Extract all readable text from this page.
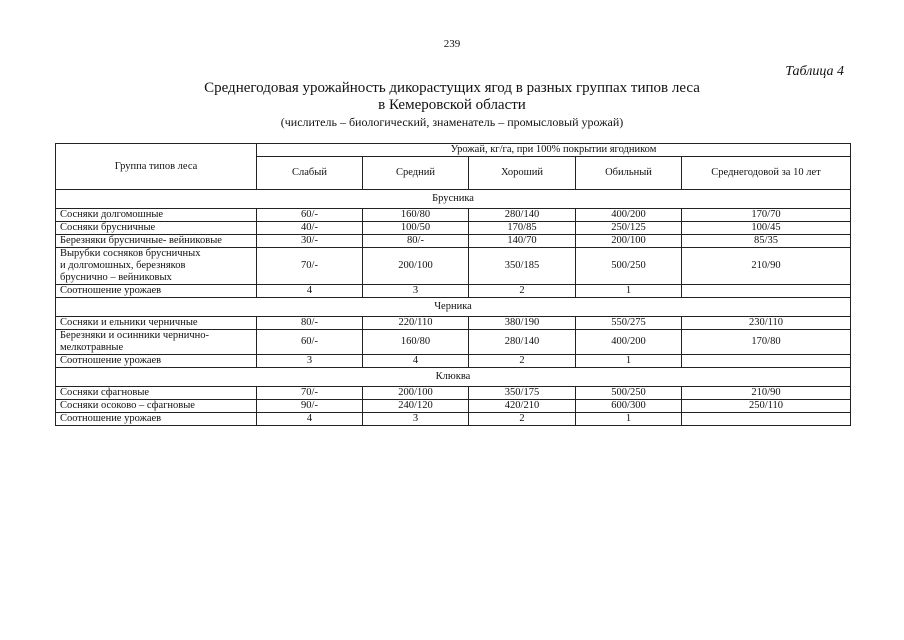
239
Таблица 4
Среднегодовая урожайность дикорастущих ягод в разных группах типов леса
в Кемеровской области
(числитель – биологический, знаменатель – промысловый урожай)
Группа типов леса	Урожай, кг/га, при 100% покрытии ягодником				
	Слабый	Средний	Хороший	Обильный	Среднегодовой за 10 лет
Брусника					

Сосняки долгомошные	60/-	160/80	280/140	400/200	170/70

Сосняки брусничные	40/-	100/50	170/85	250/125	100/45

Березняки брусничные- вейниковые	30/-	80/-	140/70	200/100	85/35

Вырубки сосняков брусничных
и долгомошных, березняков
бруснично – вейниковых	70/-	200/100	350/185	500/250	210/90

Соотношение урожаев	4	3	2	1	
Черника					

Сосняки и ельники черничные	80/-	220/110	380/190	550/275	230/110

Березняки и осинники чернично-
мелкотравные	60/-	160/80	280/140	400/200	170/80

Соотношение урожаев	3	4	2	1	
Клюква					

Сосняки сфагновые	70/-	200/100	350/175	500/250	210/90

Сосняки осоково – сфагновые	90/-	240/120	420/210	600/300	250/110

Соотношение урожаев	4	3	2	1	
